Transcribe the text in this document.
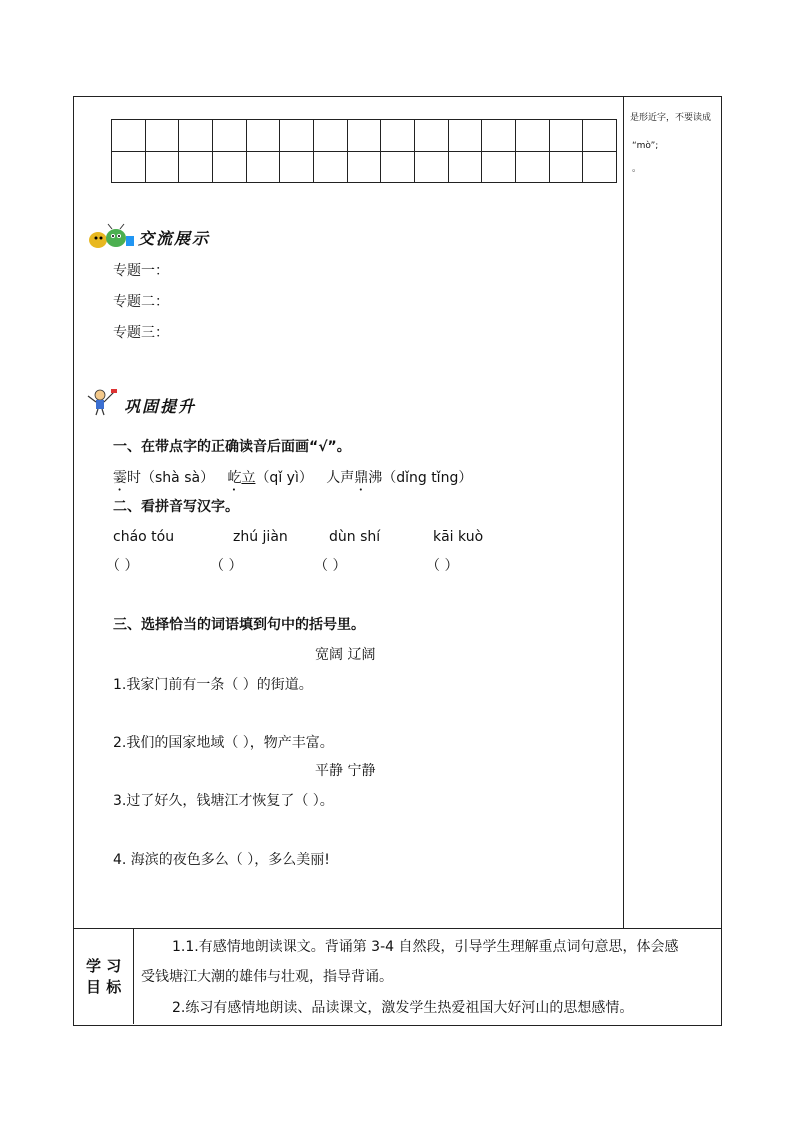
是形近字，不要读成
“mò”;
。

交流展示
专题一：
专题二：
专题三：
巩固提升
一、在带点字的正确读音后面画“√”。
霎时（shà sà） 屹立（qǐ yì） 人声鼎沸（dǐng tǐng）
二、看拼音写汉字。
cháo tóu	zhú jiàn	dùn shí	kāi kuò
（ ）	（ ）	（ ）	（ ）
三、选择恰当的词语填到句中的括号里。
宽阔 辽阔
1.我家门前有一条（ ）的街道。
2.我们的国家地域（ ），物产丰富。
平静 宁静
3.过了好久，钱塘江才恢复了（ ）。
4. 海滨的夜色多么（ ），多么美丽!
学 习
目 标
1.1.有感情地朗读课文。背诵第 3-4 自然段，引导学生理解重点词句意思，体会感
受钱塘江大潮的雄伟与壮观，指导背诵。
2.练习有感情地朗读、品读课文，激发学生热爱祖国大好河山的思想感情。
